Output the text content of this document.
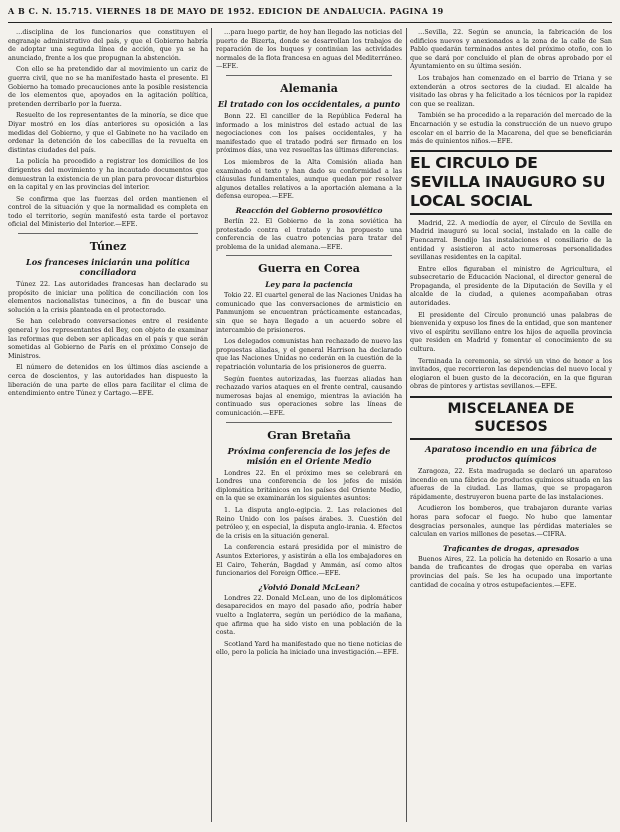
A B C. N. 15.715. VIERNES 18 DE MAYO DE 1952. EDICION DE ANDALUCIA. PAGINA 19

…disciplina de los funcionarios que constituyen el engranaje administrativo del país, y que el Gobierno habría de adoptar una segunda línea de acción, que ya se ha anunciado, frente a los que propugnan la abstención.

Con ello se ha pretendido dar al movimiento un cariz de guerra civil, que no se ha manifestado hasta el presente. El Gobierno ha tomado precauciones ante la posible resistencia de los elementos que, apoyados en la agitación política, pretenden derribarlo por la fuerza.

Resuelto de los representantes de la minoría, se dice que Diyar mostró en los días anteriores su oposición a las medidas del Gobierno, y que el Gabinete no ha vacilado en ordenar la detención de los cabecillas de la revuelta en distintas ciudades del país.

La policía ha procedido a registrar los domicilios de los dirigentes del movimiento y ha incautado documentos que demuestran la existencia de un plan para provocar disturbios en la capital y en las provincias del interior.

Se confirma que las fuerzas del orden mantienen el control de la situación y que la normalidad es completa en todo el territorio, según manifestó esta tarde el portavoz oficial del Ministerio del Interior.—EFE.

Túnez
Los franceses iniciarán una política conciliadora

Túnez 22. Las autoridades francesas han declarado su propósito de iniciar una política de conciliación con los elementos nacionalistas tunecinos, a fin de buscar una solución a la crisis planteada en el protectorado.

Se han celebrado conversaciones entre el residente general y los representantes del Bey, con objeto de examinar las reformas que deben ser aplicadas en el país y que serán sometidas al Gobierno de París en el próximo Consejo de Ministros.

El número de detenidos en los últimos días asciende a cerca de doscientos, y las autoridades han dispuesto la liberación de una parte de ellos para facilitar el clima de entendimiento entre Túnez y Cartago.—EFE.

…para luego partir, de hoy han llegado las noticias del puerto de Bizerta, donde se desarrollan los trabajos de reparación de los buques y continúan las actividades normales de la flota francesa en aguas del Mediterráneo.—EFE.

Alemania
El tratado con los occidentales, a punto

Bonn 22. El canciller de la República Federal ha informado a los ministros del estado actual de las negociaciones con los países occidentales, y ha manifestado que el tratado podrá ser firmado en los próximos días, una vez resueltas las últimas diferencias.

Los miembros de la Alta Comisión aliada han examinado el texto y han dado su conformidad a las cláusulas fundamentales, aunque quedan por resolver algunos detalles relativos a la aportación alemana a la defensa europea.—EFE.

Reacción del Gobierno prosoviético

Berlín 22. El Gobierno de la zona soviética ha protestado contra el tratado y ha propuesto una conferencia de las cuatro potencias para tratar del problema de la unidad alemana.—EFE.

Guerra en Corea
Ley para la paciencia

Tokio 22. El cuartel general de las Naciones Unidas ha comunicado que las conversaciones de armisticio en Panmunjom se encuentran prácticamente estancadas, sin que se haya llegado a un acuerdo sobre el intercambio de prisioneros.

Los delegados comunistas han rechazado de nuevo las propuestas aliadas, y el general Harrison ha declarado que las Naciones Unidas no cederán en la cuestión de la repatriación voluntaria de los prisioneros de guerra.

Según fuentes autorizadas, las fuerzas aliadas han rechazado varios ataques en el frente central, causando numerosas bajas al enemigo, mientras la aviación ha continuado sus operaciones sobre las líneas de comunicación.—EFE.

Gran Bretaña
Próxima conferencia de los jefes de misión en el Oriente Medio

Londres 22. En el próximo mes se celebrará en Londres una conferencia de los jefes de misión diplomática británicos en los países del Oriente Medio, en la que se examinarán los siguientes asuntos:

1. La disputa anglo-egipcia. 2. Las relaciones del Reino Unido con los países árabes. 3. Cuestión del petróleo y, en especial, la disputa anglo-irania. 4. Efectos de la crisis en la situación general.

La conferencia estará presidida por el ministro de Asuntos Exteriores, y asistirán a ella los embajadores en El Cairo, Teherán, Bagdad y Ammán, así como altos funcionarios del Foreign Office.—EFE.

¿Volvió Donald McLean?

Londres 22. Donald McLean, uno de los diplomáticos desaparecidos en mayo del pasado año, podría haber vuelto a Inglaterra, según un periódico de la mañana, que afirma que ha sido visto en una población de la costa.

Scotland Yard ha manifestado que no tiene noticias de ello, pero la policía ha iniciado una investigación.—EFE.

…Sevilla, 22. Según se anuncia, la fabricación de los edificios nuevos y anexionados a la zona de la calle de San Pablo quedarán terminados antes del próximo otoño, con lo que se dará por concluido el plan de obras aprobado por el Ayuntamiento en su última sesión.

Los trabajos han comenzado en el barrio de Triana y se extenderán a otros sectores de la ciudad. El alcalde ha visitado las obras y ha felicitado a los técnicos por la rapidez con que se realizan.

También se ha procedido a la reparación del mercado de la Encarnación y se estudia la construcción de un nuevo grupo escolar en el barrio de la Macarena, del que se beneficiarán más de quinientos niños.—EFE.

EL CIRCULO DE SEVILLA INAUGURO SU LOCAL SOCIAL

Madrid, 22. A mediodía de ayer, el Círculo de Sevilla en Madrid inauguró su local social, instalado en la calle de Fuencarral. Bendijo las instalaciones el consiliario de la entidad y asistieron al acto numerosas personalidades sevillanas residentes en la capital.

Entre ellos figuraban el ministro de Agricultura, el subsecretario de Educación Nacional, el director general de Propaganda, el presidente de la Diputación de Sevilla y el alcalde de la ciudad, a quienes acompañaban otras autoridades.

El presidente del Círculo pronunció unas palabras de bienvenida y expuso los fines de la entidad, que son mantener vivo el espíritu sevillano entre los hijos de aquella provincia que residen en Madrid y fomentar el conocimiento de su cultura.

Terminada la ceremonia, se sirvió un vino de honor a los invitados, que recorrieron las dependencias del nuevo local y elogiaron el buen gusto de la decoración, en la que figuran obras de pintores y artistas sevillanos.—EFE.

MISCELANEA DE SUCESOS
Aparatoso incendio en una fábrica de productos químicos

Zaragoza, 22. Esta madrugada se declaró un aparatoso incendio en una fábrica de productos químicos situada en las afueras de la ciudad. Las llamas, que se propagaron rápidamente, destruyeron buena parte de las instalaciones.

Acudieron los bomberos, que trabajaron durante varias horas para sofocar el fuego. No hubo que lamentar desgracias personales, aunque las pérdidas materiales se calculan en varios millones de pesetas.—CIFRA.

Traficantes de drogas, apresados

Buenos Aires, 22. La policía ha detenido en Rosario a una banda de traficantes de drogas que operaba en varias provincias del país. Se les ha ocupado una importante cantidad de cocaína y otros estupefacientes.—EFE.
